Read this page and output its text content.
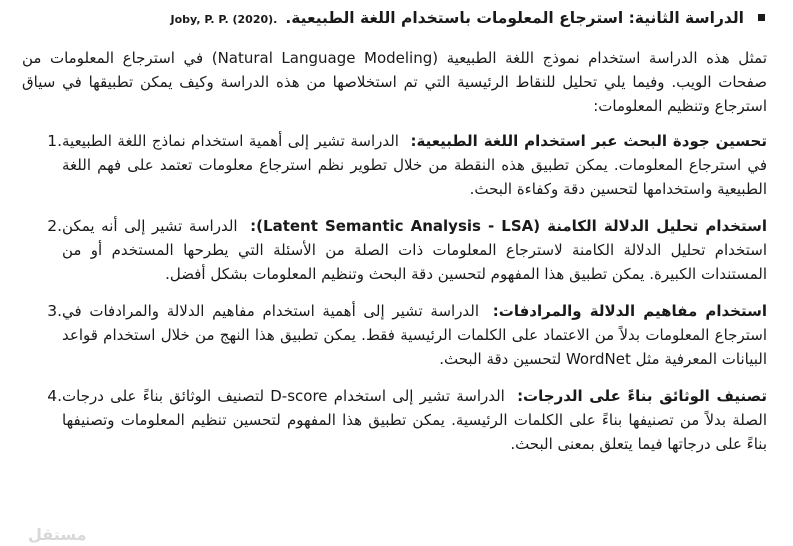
الدراسة الثانية: استرجاع المعلومات باستخدام اللغة الطبيعية.
Joby, P. P. (2020).

تمثل هذه الدراسة استخدام نموذج اللغة الطبيعية (Natural Language Modeling) في استرجاع المعلومات من صفحات الويب. وفيما يلي تحليل للنقاط الرئيسية التي تم استخلاصها من هذه الدراسة وكيف يمكن تطبيقها في سياق استرجاع وتنظيم المعلومات:

تحسين جودة البحث عبر استخدام اللغة الطبيعية: الدراسة تشير إلى أهمية استخدام نماذج اللغة الطبيعية في استرجاع المعلومات. يمكن تطبيق هذه النقطة من خلال تطوير نظم استرجاع معلومات تعتمد على فهم اللغة الطبيعية واستخدامها لتحسين دقة وكفاءة البحث.
1.
استخدام تحليل الدلالة الكامنة (Latent Semantic Analysis - LSA): الدراسة تشير إلى أنه يمكن استخدام تحليل الدلالة الكامنة لاسترجاع المعلومات ذات الصلة من الأسئلة التي يطرحها المستخدم أو من المستندات الكبيرة. يمكن تطبيق هذا المفهوم لتحسين دقة البحث وتنظيم المعلومات بشكل أفضل.
2.
استخدام مفاهيم الدلالة والمرادفات: الدراسة تشير إلى أهمية استخدام مفاهيم الدلالة والمرادفات في استرجاع المعلومات بدلاً من الاعتماد على الكلمات الرئيسية فقط. يمكن تطبيق هذا النهج من خلال استخدام قواعد البيانات المعرفية مثل WordNet لتحسين دقة البحث.
3.
تصنيف الوثائق بناءً على الدرجات: الدراسة تشير إلى استخدام D-score لتصنيف الوثائق بناءً على درجات الصلة بدلاً من تصنيفها بناءً على الكلمات الرئيسية. يمكن تطبيق هذا المفهوم لتحسين تنظيم المعلومات وتصنيفها بناءً على درجاتها فيما يتعلق بمعنى البحث.
4.
مستقل
